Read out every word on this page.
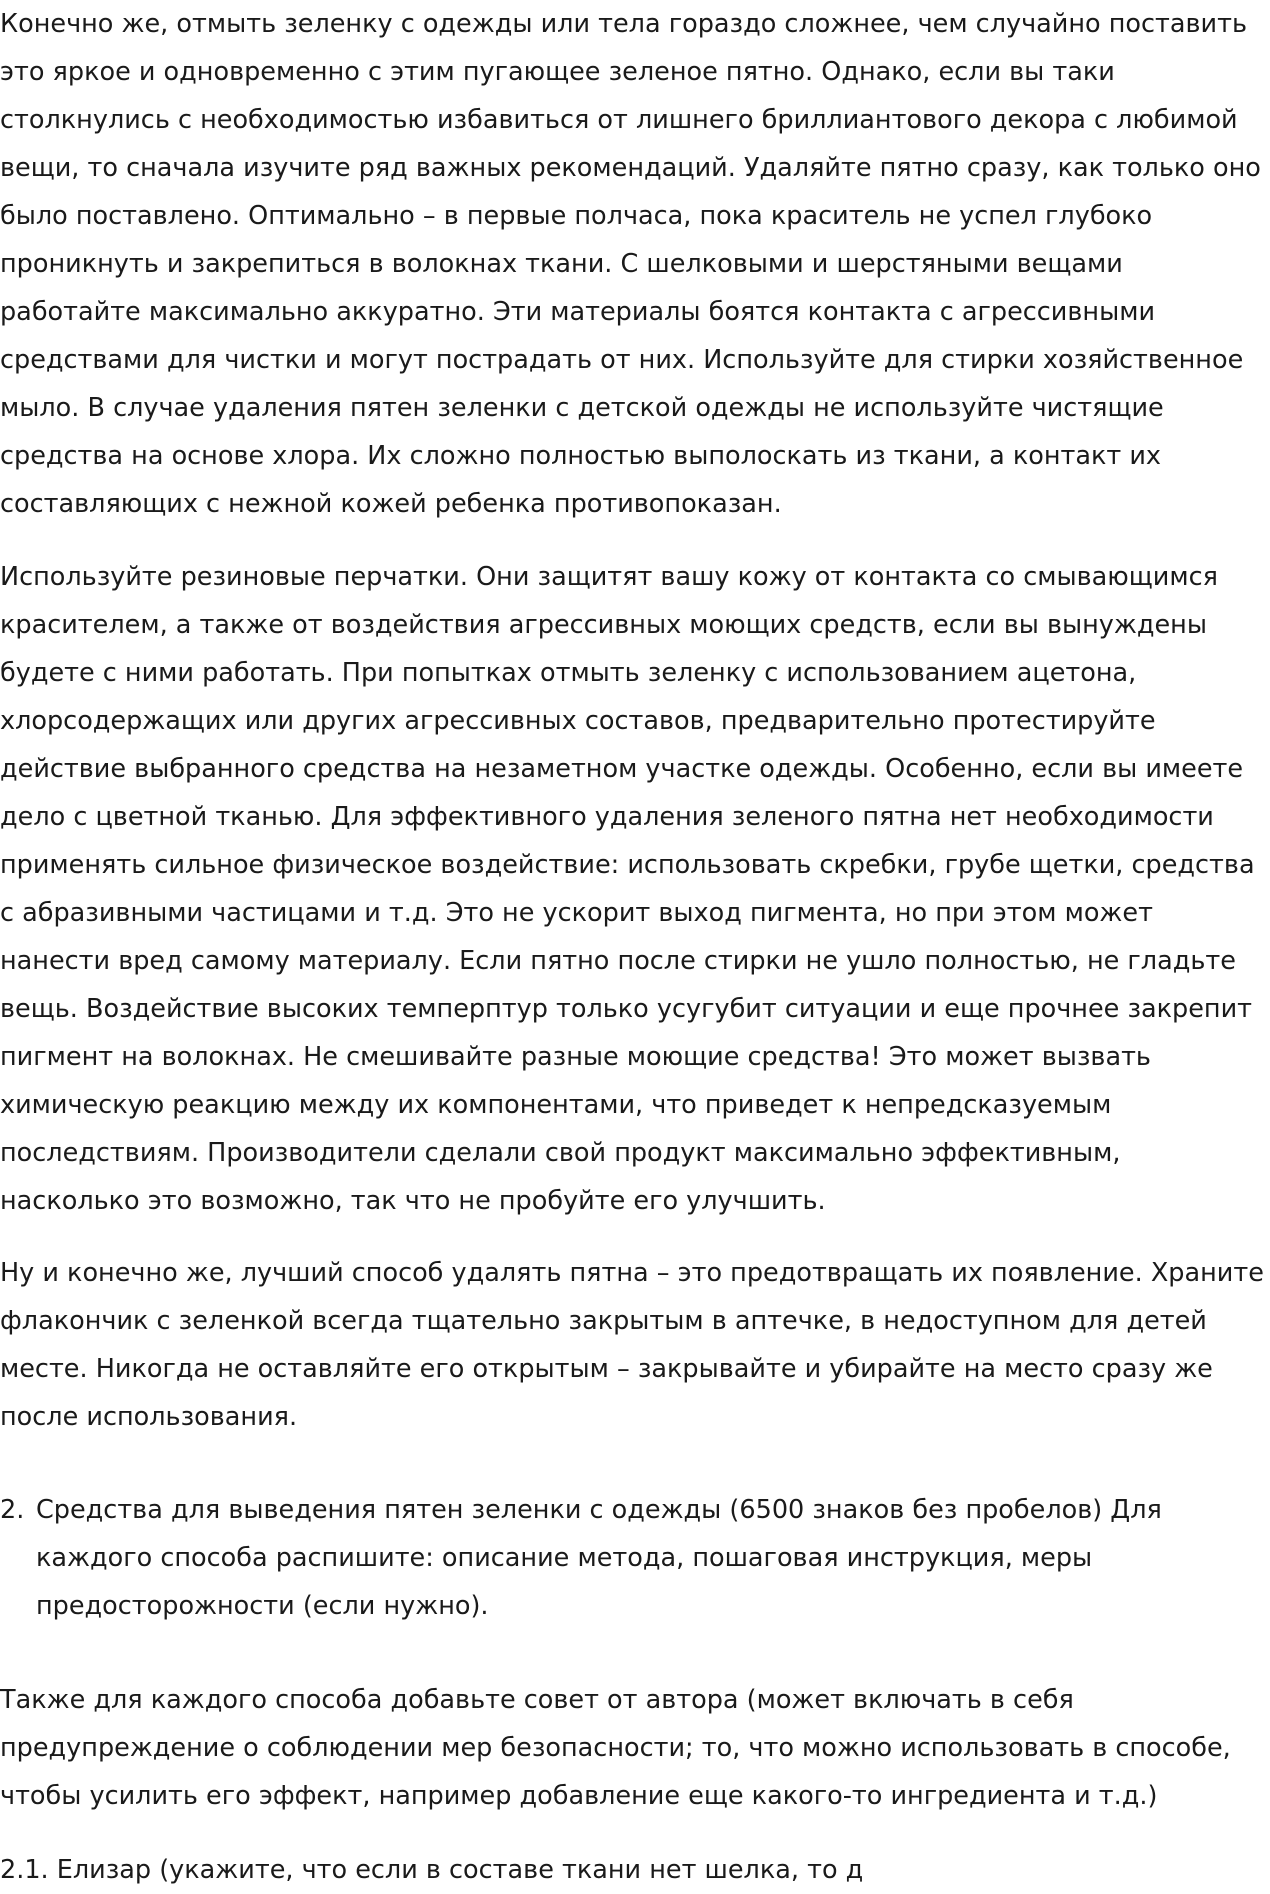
Конечно же, отмыть зеленку с одежды или тела гораздо сложнее, чем случайно поставить это яркое и одновременно с этим пугающее зеленое пятно. Однако, если вы таки столкнулись с необходимостью избавиться от лишнего бриллиантового декора с любимой вещи, то сначала изучите ряд важных рекомендаций. Удаляйте пятно сразу, как только оно было поставлено. Оптимально – в первые полчаса, пока краситель не успел глубоко проникнуть и закрепиться в волокнах ткани. С шелковыми и шерстяными вещами работайте максимально аккуратно. Эти материалы боятся контакта с агрессивными средствами для чистки и могут пострадать от них. Используйте для стирки хозяйственное мыло. В случае удаления пятен зеленки с детской одежды не используйте чистящие средства на основе хлора. Их сложно полностью выполоскать из ткани, а контакт их составляющих с нежной кожей ребенка противопоказан.

Используйте резиновые перчатки. Они защитят вашу кожу от контакта со смывающимся красителем, а также от воздействия агрессивных моющих средств, если вы вынуждены будете с ними работать. При попытках отмыть зеленку с использованием ацетона, хлорсодержащих или других агрессивных составов, предварительно протестируйте действие выбранного средства на незаметном участке одежды. Особенно, если вы имеете дело с цветной тканью. Для эффективного удаления зеленого пятна нет необходимости применять сильное физическое воздействие: использовать скребки, грубе щетки, средства с абразивными частицами и т.д. Это не ускорит выход пигмента, но при этом может нанести вред самому материалу. Если пятно после стирки не ушло полностью, не гладьте вещь. Воздействие высоких темперптур только усугубит ситуации и еще прочнее закрепит пигмент на волокнах. Не смешивайте разные моющие средства! Это может вызвать химическую реакцию между их компонентами, что приведет к непредсказуемым последствиям. Производители сделали свой продукт максимально эффективным, насколько это возможно, так что не пробуйте его улучшить.

Ну и конечно же, лучший способ удалять пятна – это предотвращать их появление. Храните флакончик с зеленкой всегда тщательно закрытым в аптечке, в недоступном для детей месте. Никогда не оставляйте его открытым – закрывайте и убирайте на место сразу же после использования.

2. Средства для выведения пятен зеленки с одежды (6500 знаков без пробелов) Для каждого способа распишите: описание метода, пошаговая инструкция, меры предосторожности (если нужно).

Также для каждого способа добавьте совет от автора (может включать в себя предупреждение о соблюдении мер безопасности; то, что можно использовать в способе, чтобы усилить его эффект, например добавление еще какого-то ингредиента и т.д.)

2.1. Елизар (укажите, что если в составе ткани нет шелка, то д
